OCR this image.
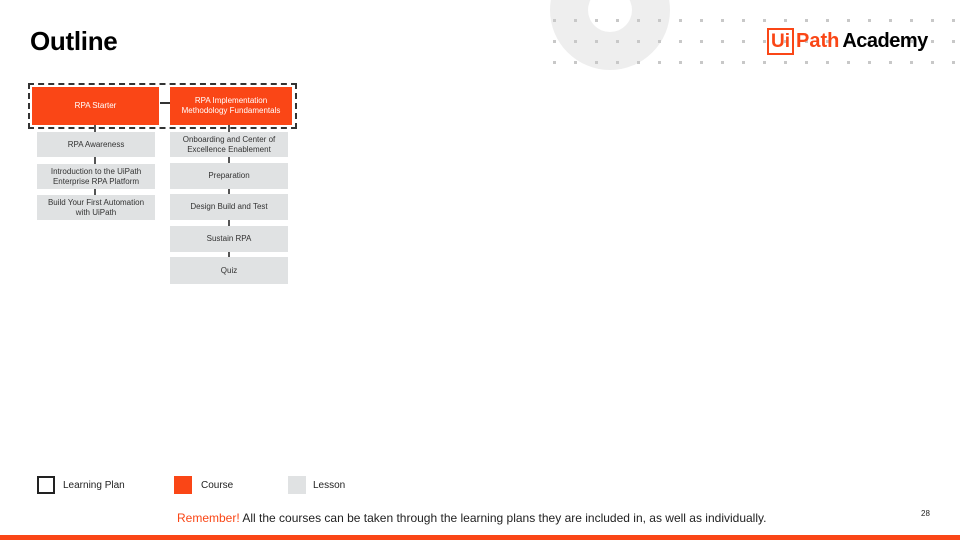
Outline	Ui Path Academy
RPA Starter
RPA Awareness
Introduction to the UiPath Enterprise RPA Platform
Build Your First Automation with UiPath
RPA Implementation Methodology Fundamentals
Onboarding and Center of Excellence Enablement
Preparation
Design Build and Test
Sustain RPA
Quiz
Learning Plan	Course	Lesson
Remember! All the courses can be taken through the learning plans they are included in, as well as individually.	28
